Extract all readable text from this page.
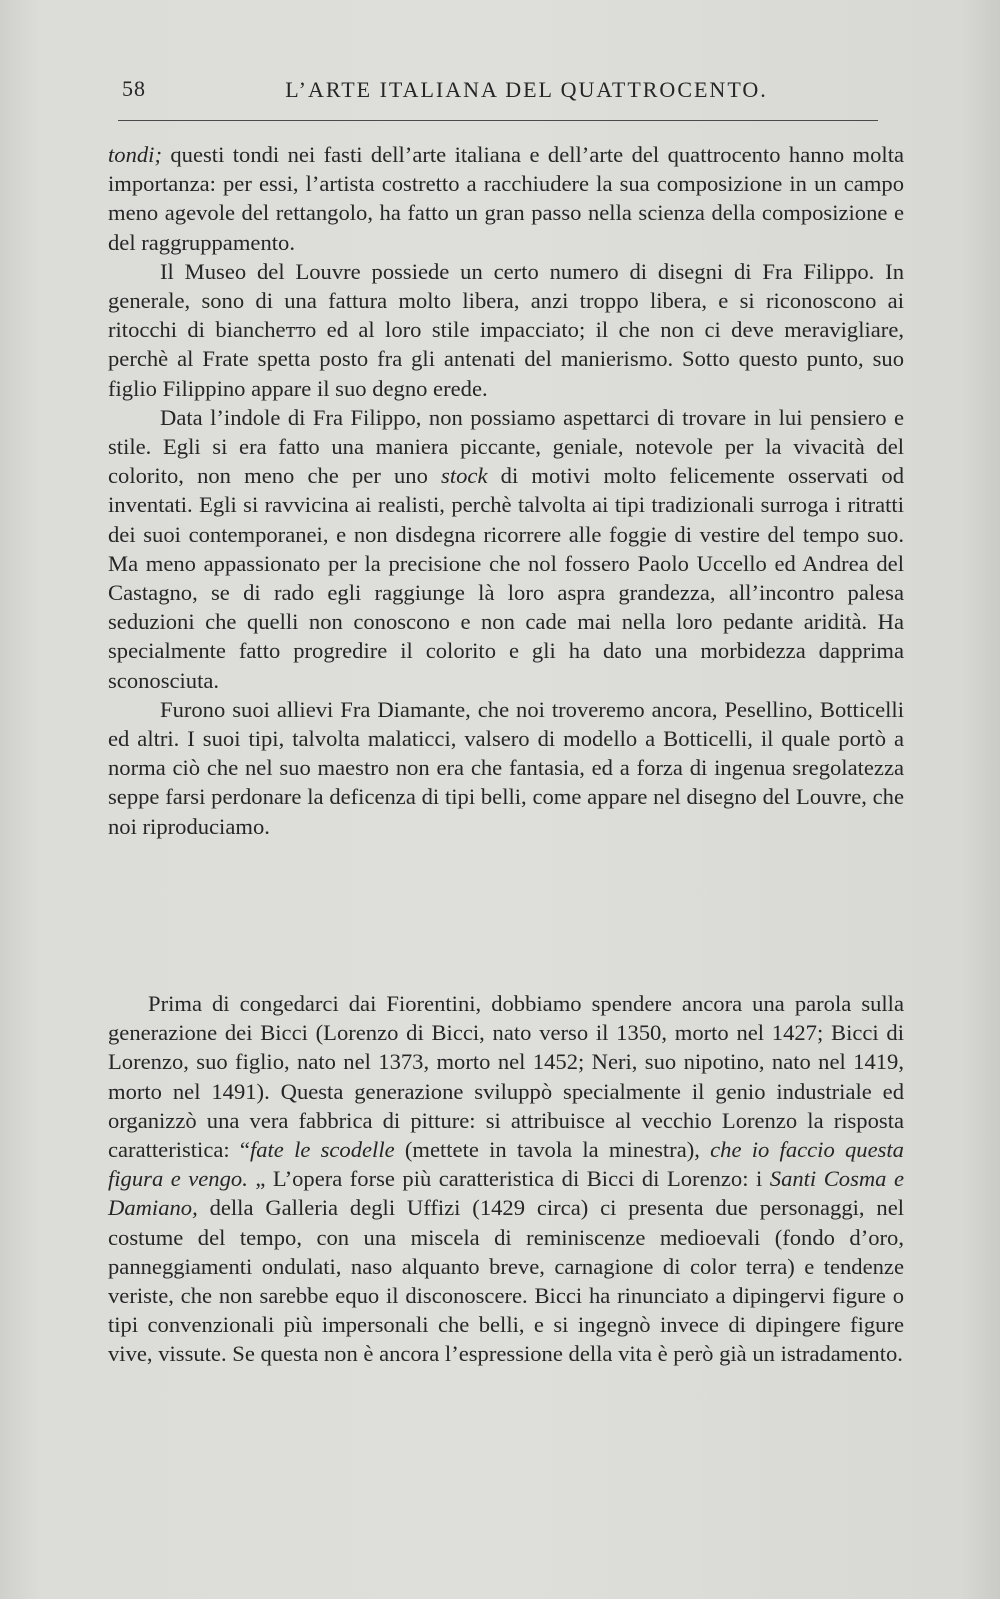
58	L’ARTE ITALIANA DEL QUATTROCENTO.

tondi; questi tondi nei fasti dell’arte italiana e dell’arte del quattrocento hanno molta importanza: per essi, l’artista costretto a racchiudere la sua composizione in un campo meno agevole del rettangolo, ha fatto un gran passo nella scienza della composizione e del raggruppamento.

Il Museo del Louvre possiede un certo numero di disegni di Fra Filippo. In generale, sono di una fattura molto libera, anzi troppo libera, e si riconoscono ai ritocchi di biancheтто ed al loro stile impacciato; il che non ci deve meravigliare, perchè al Frate spetta posto fra gli antenati del manierismo. Sotto questo punto, suo figlio Filippino appare il suo degno erede.

Data l’indole di Fra Filippo, non possiamo aspettarci di trovare in lui pensiero e stile. Egli si era fatto una maniera piccante, geniale, notevole per la vivacità del colorito, non meno che per uno stock di motivi molto felicemente osservati od inventati. Egli si ravvicina ai realisti, perchè talvolta ai tipi tradizionali surroga i ritratti dei suoi contemporanei, e non disdegna ricorrere alle foggie di vestire del tempo suo. Ma meno appassionato per la precisione che nol fossero Paolo Uccello ed Andrea del Castagno, se di rado egli raggiunge là loro aspra grandezza, all’incontro palesa seduzioni che quelli non conoscono e non cade mai nella loro pedante aridità. Ha specialmente fatto progredire il colorito e gli ha dato una morbidezza dapprima sconosciuta.

Furono suoi allievi Fra Diamante, che noi troveremo ancora, Pesellino, Botticelli ed altri. I suoi tipi, talvolta malaticci, valsero di modello a Botticelli, il quale portò a norma ciò che nel suo maestro non era che fantasia, ed a forza di ingenua sregolatezza seppe farsi perdonare la deficenza di tipi belli, come appare nel disegno del Louvre, che noi riproduciamo.

Prima di congedarci dai Fiorentini, dobbiamo spendere ancora una parola sulla generazione dei Bicci (Lorenzo di Bicci, nato verso il 1350, morto nel 1427; Bicci di Lorenzo, suo figlio, nato nel 1373, morto nel 1452; Neri, suo nipotino, nato nel 1419, morto nel 1491). Questa generazione sviluppò specialmente il genio industriale ed organizzò una vera fabbrica di pitture: si attribuisce al vecchio Lorenzo la risposta caratteristica: “fate le scodelle (mettete in tavola la minestra), che io faccio questa figura e vengo. „ L’opera forse più caratteristica di Bicci di Lorenzo: i Santi Cosma e Damiano, della Galleria degli Uffizi (1429 circa) ci presenta due personaggi, nel costume del tempo, con una miscela di reminiscenze medioevali (fondo d’oro, panneggiamenti ondulati, naso alquanto breve, carnagione di color terra) e tendenze veriste, che non sarebbe equo il disconoscere. Bicci ha rinunciato a dipingervi figure o tipi convenzionali più impersonali che belli, e si ingegnò invece di dipingere figure vive, vissute. Se questa non è ancora l’espressione della vita è però già un istradamento.
